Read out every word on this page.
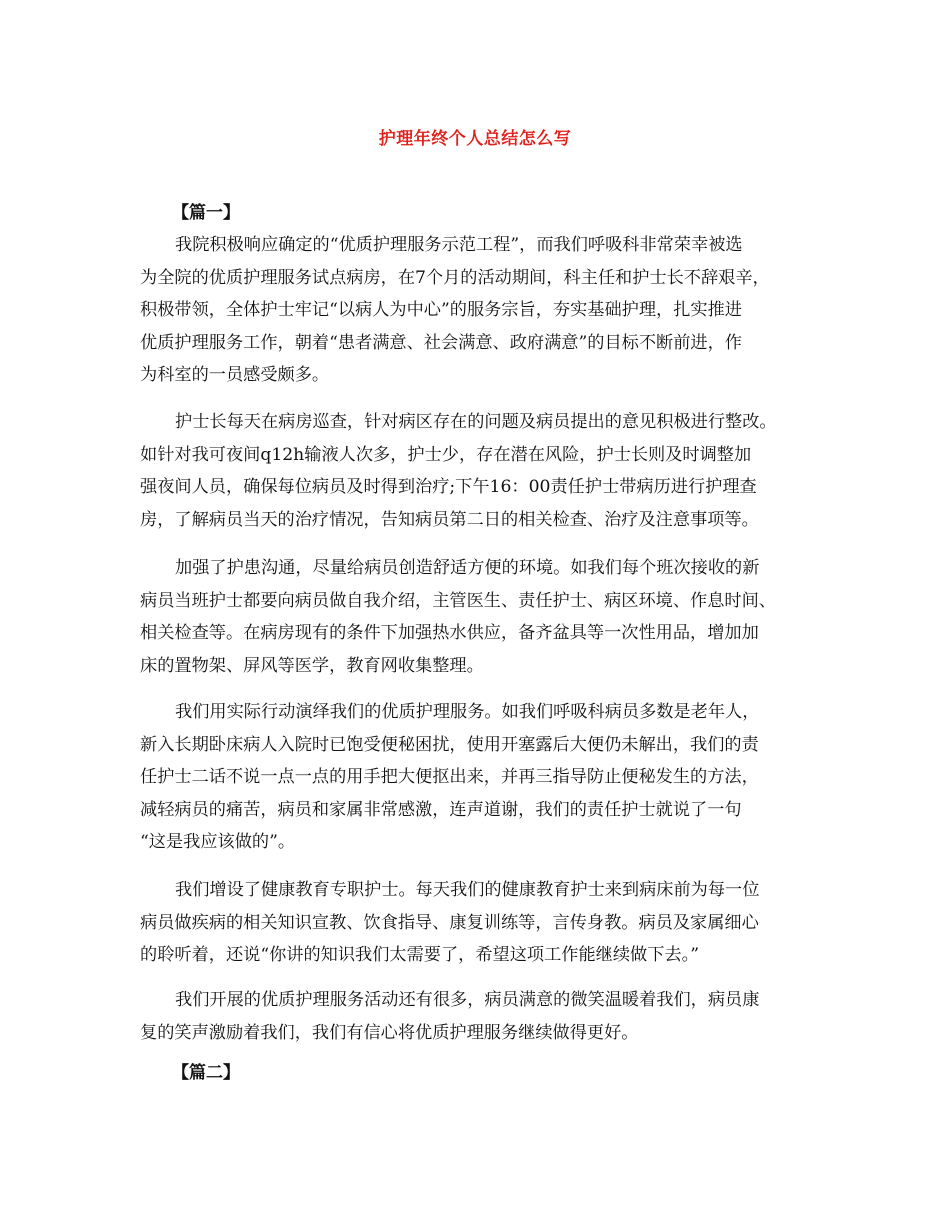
护理年终个人总结怎么写
【篇一】

我院积极响应确定的“优质护理服务示范工程”，而我们呼吸科非常荣幸被选
为全院的优质护理服务试点病房，在7个月的活动期间，科主任和护士长不辞艰辛，
积极带领，全体护士牢记“以病人为中心”的服务宗旨，夯实基础护理，扎实推进
优质护理服务工作，朝着“患者满意、社会满意、政府满意”的目标不断前进，作
为科室的一员感受颇多。

护士长每天在病房巡查，针对病区存在的问题及病员提出的意见积极进行整改。
如针对我可夜间q12h输液人次多，护士少，存在潜在风险，护士长则及时调整加
强夜间人员，确保每位病员及时得到治疗;下午16：00责任护士带病历进行护理查
房，了解病员当天的治疗情况，告知病员第二日的相关检查、治疗及注意事项等。

加强了护患沟通，尽量给病员创造舒适方便的环境。如我们每个班次接收的新
病员当班护士都要向病员做自我介绍，主管医生、责任护士、病区环境、作息时间、
相关检查等。在病房现有的条件下加强热水供应，备齐盆具等一次性用品，增加加
床的置物架、屏风等医学，教育网收集整理。

我们用实际行动演绎我们的优质护理服务。如我们呼吸科病员多数是老年人，
新入长期卧床病人入院时已饱受便秘困扰，使用开塞露后大便仍未解出，我们的责
任护士二话不说一点一点的用手把大便抠出来，并再三指导防止便秘发生的方法，
减轻病员的痛苦，病员和家属非常感激，连声道谢，我们的责任护士就说了一句
“这是我应该做的”。

我们增设了健康教育专职护士。每天我们的健康教育护士来到病床前为每一位
病员做疾病的相关知识宣教、饮食指导、康复训练等，言传身教。病员及家属细心
的聆听着，还说“你讲的知识我们太需要了，希望这项工作能继续做下去。”

我们开展的优质护理服务活动还有很多，病员满意的微笑温暖着我们，病员康
复的笑声激励着我们，我们有信心将优质护理服务继续做得更好。

【篇二】
